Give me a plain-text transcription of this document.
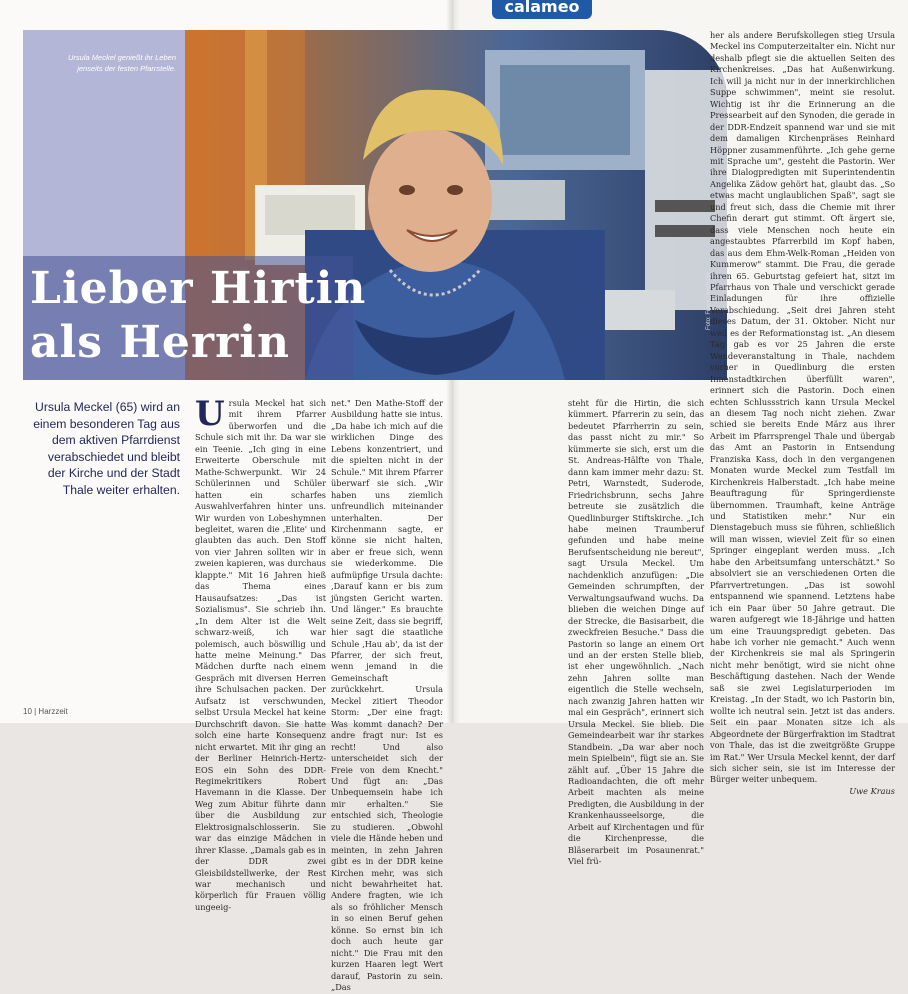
calameo
Ursula Meckel genießt ihr Leben jenseits der festen Pfarrstelle.
Foto: Frank Drechsler
Lieber Hirtin
als Herrin
Ursula Meckel (65) wird an einem besonderen Tag aus dem aktiven Pfarrdienst verabschiedet und bleibt der Kirche und der Stadt Thale weiter erhalten.
U rsula Meckel hat sich mit ihrem Pfarrer überworfen und die Schule sich mit ihr. Da war sie ein Teenie. „Ich ging in eine Erweiterte Oberschule mit Mathe-Schwerpunkt. Wir 24 Schülerinnen und Schüler hatten ein scharfes Auswahlverfahren hinter uns. Wir wurden von Lobeshymnen begleitet, waren die ‚Elite' und glaubten das auch. Den Stoff von vier Jahren sollten wir in zweien kapieren, was durchaus klappte." Mit 16 Jahren hieß das Thema eines Hausaufsatzes: „Das ist Sozialismus". Sie schrieb ihn. „In dem Alter ist die Welt schwarz-weiß, ich war polemisch, auch böswillig und hatte meine Meinung." Das Mädchen durfte nach einem Gespräch mit diversen Herren ihre Schulsachen packen. Der Aufsatz ist verschwunden, selbst Ursula Meckel hat keine Durchschrift davon. Sie hatte solch eine harte Konsequenz nicht erwartet. Mit ihr ging an der Berliner Heinrich-Hertz-EOS ein Sohn des DDR-Regimekritikers Robert Havemann in die Klasse. Der Weg zum Abitur führte dann über die Ausbildung zur Elektrosignalschlosserin. Sie war das einzige Mädchen in ihrer Klasse. „Damals gab es in der DDR zwei Gleisbildstellwerke, der Rest war mechanisch und körperlich für Frauen völlig ungeeig-
net." Den Mathe-Stoff der Ausbildung hatte sie intus. „Da habe ich mich auf die wirklichen Dinge des Lebens konzentriert, und die spielten nicht in der Schule." Mit ihrem Pfarrer überwarf sie sich. „Wir haben uns ziemlich unfreundlich miteinander unterhalten. Der Kirchenmann sagte, er könne sie nicht halten, aber er freue sich, wenn sie wiederkomme. Die aufmüpfige Ursula dachte: ‚Darauf kann er bis zum jüngsten Gericht warten. Und länger." Es brauchte seine Zeit, dass sie begriff, hier sagt die staatliche Schule ‚Hau ab', da ist der Pfarrer, der sich freut, wenn jemand in die Gemeinschaft zurückkehrt. Ursula Meckel zitiert Theodor Storm: „Der eine fragt: Was kommt danach? Der andre fragt nur: Ist es recht! Und also unterscheidet sich der Freie von dem Knecht." Und fügt an: „Das Unbequemsein habe ich mir erhalten." Sie entschied sich, Theologie zu studieren. „Obwohl viele die Hände heben und meinten, in zehn Jahren gibt es in der DDR keine Kirchen mehr, was sich nicht bewahrheitet hat. Andere fragten, wie ich als so fröhlicher Mensch in so einen Beruf gehen könne. So ernst bin ich doch auch heute gar nicht." Die Frau mit den kurzen Haaren legt Wert darauf, Pastorin zu sein. „Das
steht für die Hirtin, die sich kümmert. Pfarrerin zu sein, das bedeutet Pfarrherrin zu sein, das passt nicht zu mir." So kümmerte sie sich, erst um die St. Andreas-Hälfte von Thale, dann kam immer mehr dazu: St. Petri, Warnstedt, Suderode, Friedrichsbrunn, sechs Jahre betreute sie zusätzlich die Quedlinburger Stiftskirche. „Ich habe meinen Traumberuf gefunden und habe meine Berufsentscheidung nie bereut", sagt Ursula Meckel. Um nachdenklich anzufügen: „Die Gemeinden schrumpften, der Verwaltungsaufwand wuchs. Da blieben die weichen Dinge auf der Strecke, die Basisarbeit, die zweckfreien Besuche." Dass die Pastorin so lange an einem Ort und an der ersten Stelle blieb, ist eher ungewöhnlich. „Nach zehn Jahren sollte man eigentlich die Stelle wechseln, nach zwanzig Jahren hatten wir mal ein Gespräch", erinnert sich Ursula Meckel. Sie blieb. Die Gemeindearbeit war ihr starkes Standbein. „Da war aber noch mein Spielbein", fügt sie an. Sie zählt auf. „Über 15 Jahre die Radioandachten, die oft mehr Arbeit machten als meine Predigten, die Ausbildung in der Krankenhausseelsorge, die Arbeit auf Kirchentagen und für die Kirchenpresse, die Bläserarbeit im Posaunenrat." Viel frü-
her als andere Berufskollegen stieg Ursula Meckel ins Computerzeitalter ein. Nicht nur deshalb pflegt sie die aktuellen Seiten des Kirchenkreises. „Das hat Außenwirkung. Ich will ja nicht nur in der innerkirchlichen Suppe schwimmen", meint sie resolut. Wichtig ist ihr die Erinnerung an die Pressearbeit auf den Synoden, die gerade in der DDR-Endzeit spannend war und sie mit dem damaligen Kirchenpräses Reinhard Höppner zusammenführte. „Ich gehe gerne mit Sprache um", gesteht die Pastorin. Wer ihre Dialogpredigten mit Superintendentin Angelika Zädow gehört hat, glaubt das. „So etwas macht unglaublichen Spaß", sagt sie und freut sich, dass die Chemie mit ihrer Chefin derart gut stimmt. Oft ärgert sie, dass viele Menschen noch heute ein angestaubtes Pfarrerbild im Kopf haben, das aus dem Ehm-Welk-Roman „Heiden von Kummerow" stammt. Die Frau, die gerade ihren 65. Geburtstag gefeiert hat, sitzt im Pfarrhaus von Thale und verschickt gerade Einladungen für ihre offizielle Verabschiedung. „Seit drei Jahren steht dieses Datum, der 31. Oktober. Nicht nur weil es der Reformationstag ist. „An diesem Tag gab es vor 25 Jahren die erste Wendeveranstaltung in Thale, nachdem vorher in Quedlinburg die ersten Innenstadtkirchen überfüllt waren", erinnert sich die Pastorin. Doch einen echten Schlussstrich kann Ursula Meckel an diesem Tag noch nicht ziehen. Zwar schied sie bereits Ende März aus ihrer Arbeit im Pfarrsprengel Thale und übergab das Amt an Pastorin in Entsendung Franziska Kass, doch in den vergangenen Monaten wurde Meckel zum Testfall im Kirchenkreis Halberstadt. „Ich habe meine Beauftragung für Springerdienste übernommen. Traumhaft, keine Anträge und Statistiken mehr." Nur ein Dienstagebuch muss sie führen, schließlich will man wissen, wieviel Zeit für so einen Springer eingeplant werden muss. „Ich habe den Arbeitsumfang unterschätzt." So absolviert sie an verschiedenen Orten die Pfarrvertretungen. „Das ist sowohl entspannend wie spannend. Letztens habe ich ein Paar über 50 Jahre getraut. Die waren aufgeregt wie 18-Jährige und hatten um eine Trauungspredigt gebeten. Das habe ich vorher nie gemacht." Auch wenn der Kirchenkreis sie mal als Springerin nicht mehr benötigt, wird sie nicht ohne Beschäftigung dastehen. Nach der Wende saß sie zwei Legislaturperioden im Kreistag. „In der Stadt, wo ich Pastorin bin, wollte ich neutral sein. Jetzt ist das anders. Seit ein paar Monaten sitze ich als Abgeordnete der Bürgerfraktion im Stadtrat von Thale, das ist die zweitgrößte Gruppe im Rat." Wer Ursula Meckel kennt, der darf sich sicher sein, sie ist im Interesse der Bürger weiter unbequem.
Uwe Kraus
10 | Harzzeit
